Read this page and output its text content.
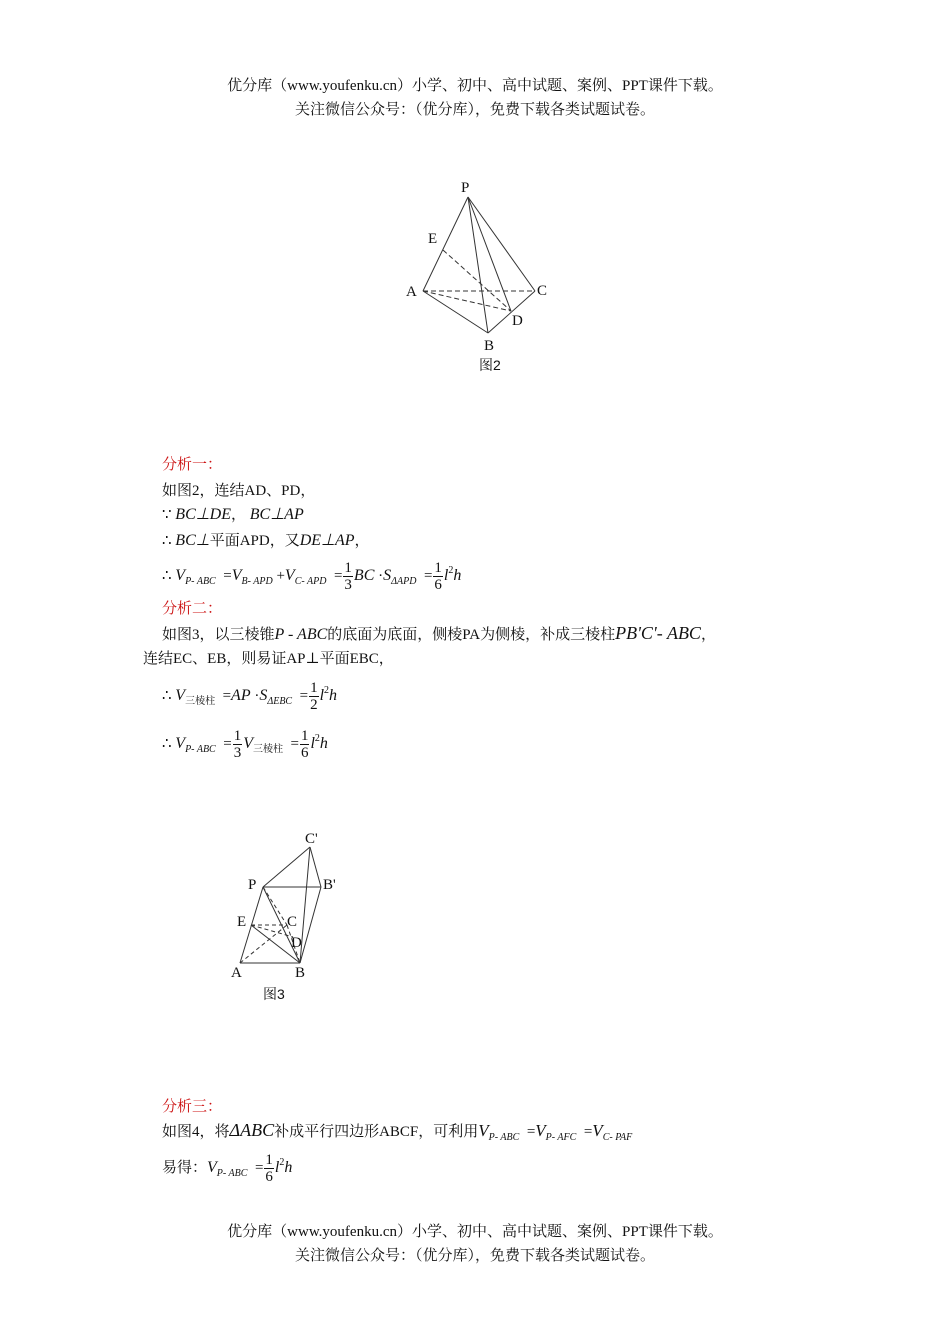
优分库（www.youfenku.cn）小学、初中、高中试题、案例、PPT课件下载。
关注微信公众号：（优分库），免费下载各类试题试卷。
P
E
A	C
D
B
图2
分析一：
如图2，连结AD、PD，
∵ BC⊥DE， BC⊥AP
∴ BC⊥平面APD，又DE⊥AP，
∴ $V_{P- ABC} =V_{B- APD} +V_{C- APD} = \frac{1}{3}$ BC $\cdot S_{\Delta APD} = \frac{1}{6} l^2h$
分析二：
如图3，以三棱锥P - ABC的底面为底面，侧棱PA为侧棱，补成三棱柱PB'C'- ABC，
连结EC、EB，则易证AP⊥平面EBC，
∴ $V_{三棱柱} =AP \cdot S_{\Delta EBC} = \frac{1}{2} l^2h$
∴ $V_{P- ABC} = \frac{1}{3} V_{三棱柱} = \frac{1}{6} l^2h$
C'
P	B'
E	C
D
A	B
图3
分析三：
如图4，将ΔABC补成平行四边形ABCF，可利用$V_{P- ABC} =V_{P- AFC} =V_{C- PAF}$
易得：$V_{P- ABC} = \frac{1}{6} l^2h$
优分库（www.youfenku.cn）小学、初中、高中试题、案例、PPT课件下载。
关注微信公众号：（优分库），免费下载各类试题试卷。
